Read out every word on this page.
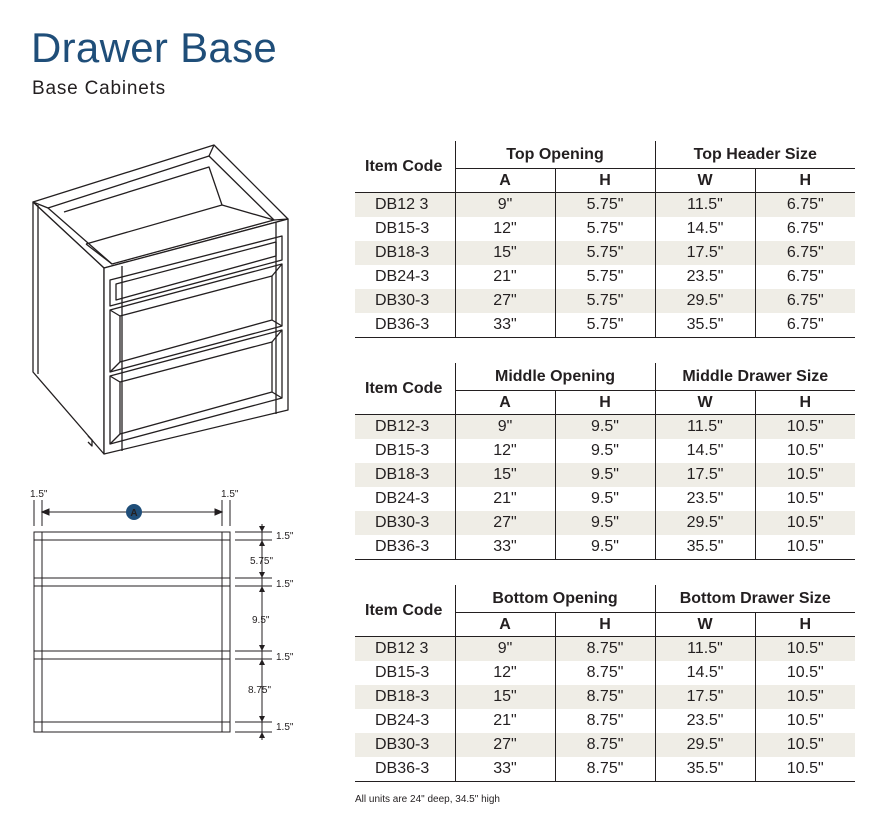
Drawer Base
Base Cabinets
A
1.5"	1.5"
1.5"
5.75"
1.5"
9.5"
1.5"
8.75"
1.5"
Item Code	Top Opening		Top Header Size	
	A	H	W	H
DB12 3	9"	5.75"	11.5"	6.75"
DB15-3	12"	5.75"	14.5"	6.75"
DB18-3	15"	5.75"	17.5"	6.75"
DB24-3	21"	5.75"	23.5"	6.75"
DB30-3	27"	5.75"	29.5"	6.75"
DB36-3	33"	5.75"	35.5"	6.75"
Item Code	Middle Opening		Middle Drawer Size	
	A	H	W	H
DB12-3	9"	9.5"	11.5"	10.5"
DB15-3	12"	9.5"	14.5"	10.5"
DB18-3	15"	9.5"	17.5"	10.5"
DB24-3	21"	9.5"	23.5"	10.5"
DB30-3	27"	9.5"	29.5"	10.5"
DB36-3	33"	9.5"	35.5"	10.5"
Item Code	Bottom Opening		Bottom Drawer Size	
	A	H	W	H
DB12 3	9"	8.75"	11.5"	10.5"
DB15-3	12"	8.75"	14.5"	10.5"
DB18-3	15"	8.75"	17.5"	10.5"
DB24-3	21"	8.75"	23.5"	10.5"
DB30-3	27"	8.75"	29.5"	10.5"
DB36-3	33"	8.75"	35.5"	10.5"
All units are 24" deep, 34.5" high
